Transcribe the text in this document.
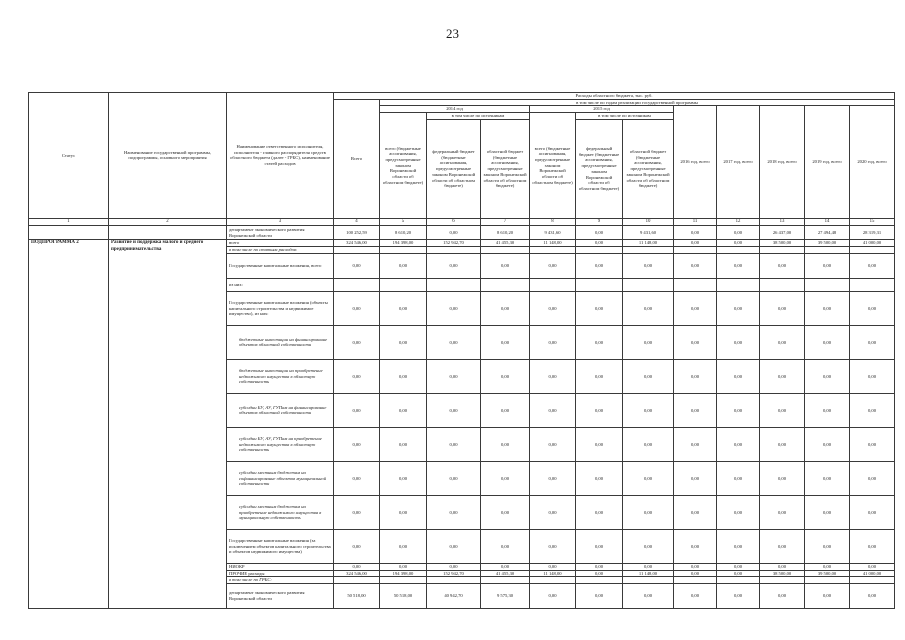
23
Статус	Наименование государственной программы, подпрограммы, основного мероприятия	Наименование ответственного исполнителя, исполнителя - главного распорядителя средств областного бюджета (далее - ГРБС), наименование статей расходов	Расходы областного бюджета, тыс. руб.											
			Всего	в том числе по годам реализации государственной программы										
				2014 год			2015 год			2016 год, всего	2017 год, всего	2018 год, всего	2019 год, всего	2020 год, всего
				всего (бюджетные ассигнования, предусмотренные законом Воронежской области об областном бюджете)	в том числе по источникам		всего (бюджетные ассигнования, предусмотренные законом Воронежской области об областном бюджете)	в том числе по источникам						
					федеральный бюджет (бюджетные ассигнования, предусмотренные законом Воронежской области об областном бюджете)	областной бюджет (бюджетные ассигнования, предусмотренные законом Воронежской области об областном бюджете)		федеральный бюджет (бюджетные ассигнования, предусмотренные законом Воронежской области об областном бюджете)	областной бюджет (бюджетные ассигнования, предусмотренные законом Воронежской области об областном бюджете)					
1	2	3	4	5	6	7	8	9	10	11	12	13	14	15
		департамент экономического развития Воронежской области	100 252,59	8 610,20	0,00	8 610,20	9 431,60	0,00	9 431,60	0,00	0,00	26 437,00	27 494,48	28 319,31
ПОДПРОГРАММА 2	Развитие и поддержка малого и среднего предпринимательства	всего	324 546,00	194 398,00	152 942,70	41 455,30	11 148,00	0,00	11 148,00	0,00	0,00	38 500,00	39 500,00	41 000,00
		в том числе по статьям расходов:												
		Государственные капитальные вложения, всего	0,00	0,00	0,00	0,00	0,00	0,00	0,00	0,00	0,00	0,00	0,00	0,00
		из них:												
		Государственные капитальные вложения (объекты капитального строительства и недвижимое имущество), из них:	0,00	0,00	0,00	0,00	0,00	0,00	0,00	0,00	0,00	0,00	0,00	0,00
		бюджетные инвестиции на финансирование объектов областной собственности	0,00	0,00	0,00	0,00	0,00	0,00	0,00	0,00	0,00	0,00	0,00	0,00
		бюджетные инвестиции на приобретение недвижимого имущества в областную собственность	0,00	0,00	0,00	0,00	0,00	0,00	0,00	0,00	0,00	0,00	0,00	0,00
		субсидии БУ, АУ, ГУПам на финансирование объектов областной собственности	0,00	0,00	0,00	0,00	0,00	0,00	0,00	0,00	0,00	0,00	0,00	0,00
		субсидии БУ, АУ, ГУПам на приобретение недвижимого имущества в областную собственность	0,00	0,00	0,00	0,00	0,00	0,00	0,00	0,00	0,00	0,00	0,00	0,00
		субсидии местным бюджетам на софинансирование объектов муниципальной собственности	0,00	0,00	0,00	0,00	0,00	0,00	0,00	0,00	0,00	0,00	0,00	0,00
		субсидии местным бюджетам на приобретение недвижимого имущества в муниципальную собственность	0,00	0,00	0,00	0,00	0,00	0,00	0,00	0,00	0,00	0,00	0,00	0,00
		Государственные капитальные вложения (за исключением объектов капитального строительства и объектов недвижимого имущества)	0,00	0,00	0,00	0,00	0,00	0,00	0,00	0,00	0,00	0,00	0,00	0,00
		НИОКР	0,00	0,00	0,00	0,00	0,00	0,00	0,00	0,00	0,00	0,00	0,00	0,00
		ПРОЧИЕ расходы	324 546,00	194 398,00	152 942,70	41 455,30	11 148,00	0,00	11 148,00	0,00	0,00	38 500,00	39 500,00	41 000,00
		в том числе по ГРБС:												
		департамент экономического развития Воронежской области	50 518,00	50 518,00	40 942,70	9 575,30	0,00	0,00	0,00	0,00	0,00	0,00	0,00	0,00
